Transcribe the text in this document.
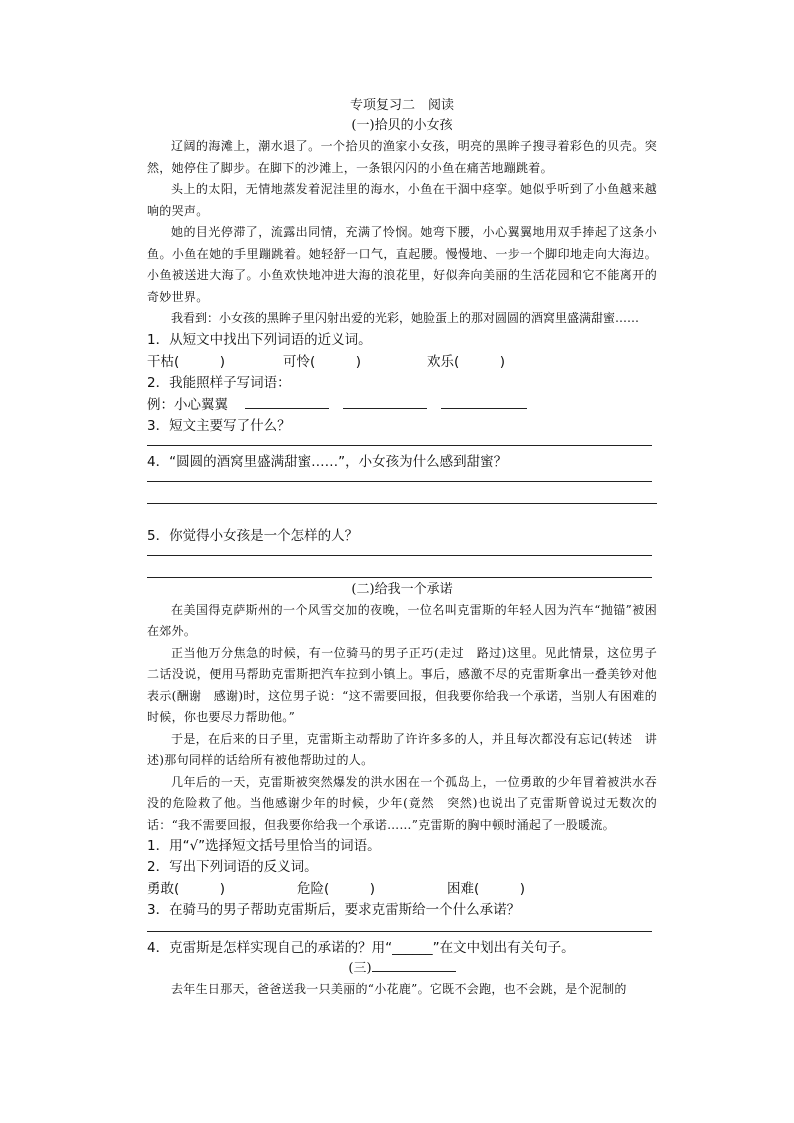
专项复习二　阅读

(一)拾贝的小女孩

辽阔的海滩上，潮水退了。一个拾贝的渔家小女孩，明亮的黑眸子搜寻着彩色的贝壳。突然，她停住了脚步。在脚下的沙滩上，一条银闪闪的小鱼在痛苦地蹦跳着。

头上的太阳，无情地蒸发着泥洼里的海水，小鱼在干涸中痉挛。她似乎听到了小鱼越来越响的哭声。

她的目光停滞了，流露出同情，充满了怜悯。她弯下腰，小心翼翼地用双手捧起了这条小鱼。小鱼在她的手里蹦跳着。她轻舒一口气，直起腰。慢慢地、一步一个脚印地走向大海边。小鱼被送进大海了。小鱼欢快地冲进大海的浪花里，好似奔向美丽的生活花园和它不能离开的奇妙世界。

我看到：小女孩的黑眸子里闪射出爱的光彩，她脸蛋上的那对圆圆的酒窝里盛满甜蜜……

1．从短文中找出下列词语的近义词。

干枯(　　　)	可怜(　　　)	欢乐(　　　)

2．我能照样子写词语：

例：小心翼翼

3．短文主要写了什么？

4．“圆圆的酒窝里盛满甜蜜……”，小女孩为什么感到甜蜜？

5．你觉得小女孩是一个怎样的人？

(二)给我一个承诺

在美国得克萨斯州的一个风雪交加的夜晚，一位名叫克雷斯的年轻人因为汽车“抛锚”被困在郊外。

正当他万分焦急的时候，有一位骑马的男子正巧(走过　路过)这里。见此情景，这位男子二话没说，便用马帮助克雷斯把汽车拉到小镇上。事后，感激不尽的克雷斯拿出一叠美钞对他表示(酬谢　感谢)时，这位男子说：“这不需要回报，但我要你给我一个承诺，当别人有困难的时候，你也要尽力帮助他。”

于是，在后来的日子里，克雷斯主动帮助了许许多多的人，并且每次都没有忘记(转述　讲述)那句同样的话给所有被他帮助过的人。

几年后的一天，克雷斯被突然爆发的洪水困在一个孤岛上，一位勇敢的少年冒着被洪水吞没的危险救了他。当他感谢少年的时候，少年(竟然　突然)也说出了克雷斯曾说过无数次的话：“我不需要回报，但我要你给我一个承诺……”克雷斯的胸中顿时涌起了一股暖流。

1．用“√”选择短文括号里恰当的词语。

2．写出下列词语的反义词。

勇敢(　　　)	危险(　　　)	困难(　　　)

3．在骑马的男子帮助克雷斯后，要求克雷斯给一个什么承诺？

4．克雷斯是怎样实现自己的承诺的？用“______”在文中划出有关句子。

(三)

去年生日那天，爸爸送我一只美丽的“小花鹿”。它既不会跑，也不会跳，是个泥制的
